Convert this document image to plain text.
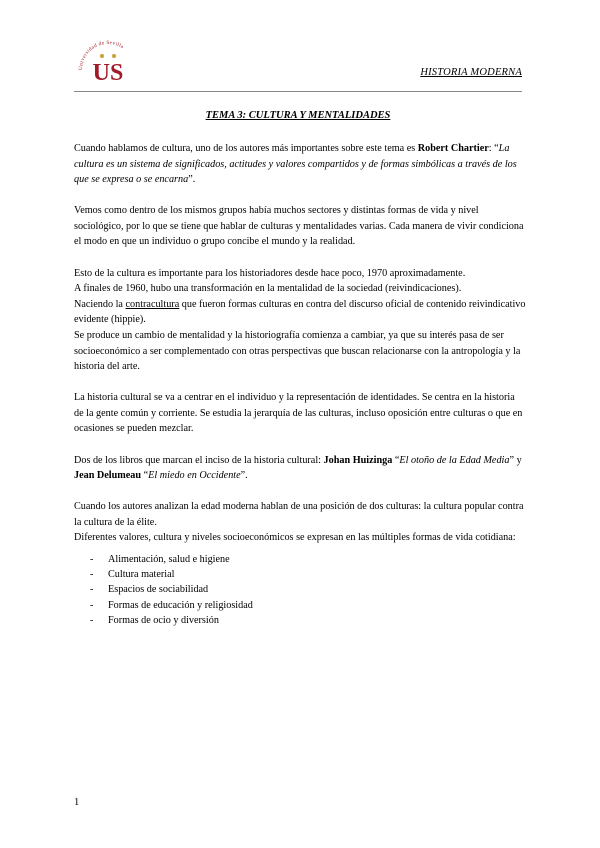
Universidad de Sevilla
US	HISTORIA MODERNA
TEMA 3: CULTURA Y MENTALIDADES

Cuando hablamos de cultura, uno de los autores más importantes sobre este tema es Robert Chartier: “La cultura es un sistema de significados, actitudes y valores compartidos y de formas simbólicas a través de los que se expresa o se encarna”.

Vemos como dentro de los mismos grupos había muchos sectores y distintas formas de vida y nivel sociológico, por lo que se tiene que hablar de culturas y mentalidades varias. Cada manera de vivir condiciona el modo en que un individuo o grupo concibe el mundo y la realidad.

Esto de la cultura es importante para los historiadores desde hace poco, 1970 aproximadamente.
A finales de 1960, hubo una transformación en la mentalidad de la sociedad (reivindicaciones).
Naciendo la contracultura que fueron formas culturas en contra del discurso oficial de contenido reivindicativo evidente (hippie).
Se produce un cambio de mentalidad y la historiografía comienza a cambiar, ya que su interés pasa de ser socioeconómico a ser complementado con otras perspectivas que buscan relacionarse con la antropología y la historia del arte.

La historia cultural se va a centrar en el individuo y la representación de identidades. Se centra en la historia de la gente común y corriente. Se estudia la jerarquía de las culturas, incluso oposición entre culturas o que en ocasiones se pueden mezclar.

Dos de los libros que marcan el inciso de la historia cultural: Johan Huizinga “El otoño de la Edad Media” y Jean Delumeau “El miedo en Occidente”.

Cuando los autores analizan la edad moderna hablan de una posición de dos culturas: la cultura popular contra la cultura de la élite.
Diferentes valores, cultura y niveles socioeconómicos se expresan en las múltiples formas de vida cotidiana:

- Alimentación, salud e higiene
- Cultura material
- Espacios de sociabilidad
- Formas de educación y religiosidad
- Formas de ocio y diversión
1
